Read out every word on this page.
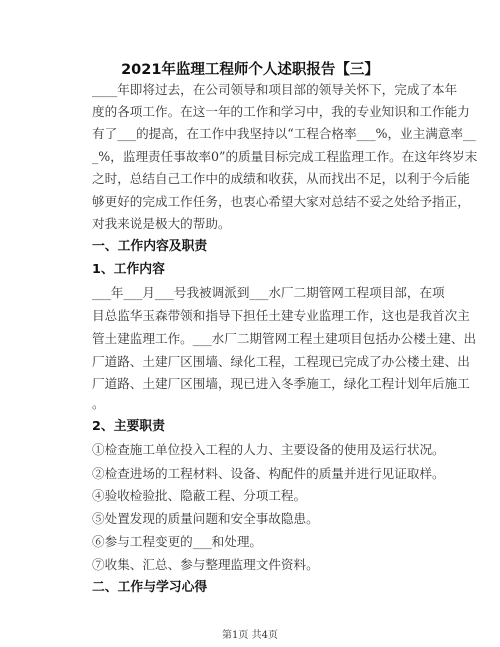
2021年监理工程师个人述职报告【三】
____年即将过去，在公司领导和项目部的领导关怀下，完成了本年
度的各项工作。在这一年的工作和学习中，我的专业知识和工作能力
有了___的提高，在工作中我坚持以“工程合格率___%，业主满意率__
_%，监理责任事故率0”的质量目标完成工程监理工作。在这年终岁末
之时，总结自己工作中的成绩和收获，从而找出不足，以利于今后能
够更好的完成工作任务，也衷心希望大家对总结不妥之处给予指正，
对我来说是极大的帮助。
一、工作内容及职责
1、工作内容
___年___月___号我被调派到___水厂二期管网工程项目部，在项
目总监华玉森带领和指导下担任土建专业监理工作，这也是我首次主
管土建监理工作。___水厂二期管网工程土建项目包括办公楼土建、出
厂道路、土建厂区围墙、绿化工程，工程现已完成了办公楼土建、出
厂道路、土建厂区围墙，现已进入冬季施工，绿化工程计划年后施工
。
2、主要职责
①检查施工单位投入工程的人力、主要设备的使用及运行状况。
②检查进场的工程材料、设备、构配件的质量并进行见证取样。
④验收检验批、隐蔽工程、分项工程。
⑤处置发现的质量问题和安全事故隐患。
⑥参与工程变更的___和处理。
⑦收集、汇总、参与整理监理文件资料。
二、工作与学习心得
第1页 共4页
